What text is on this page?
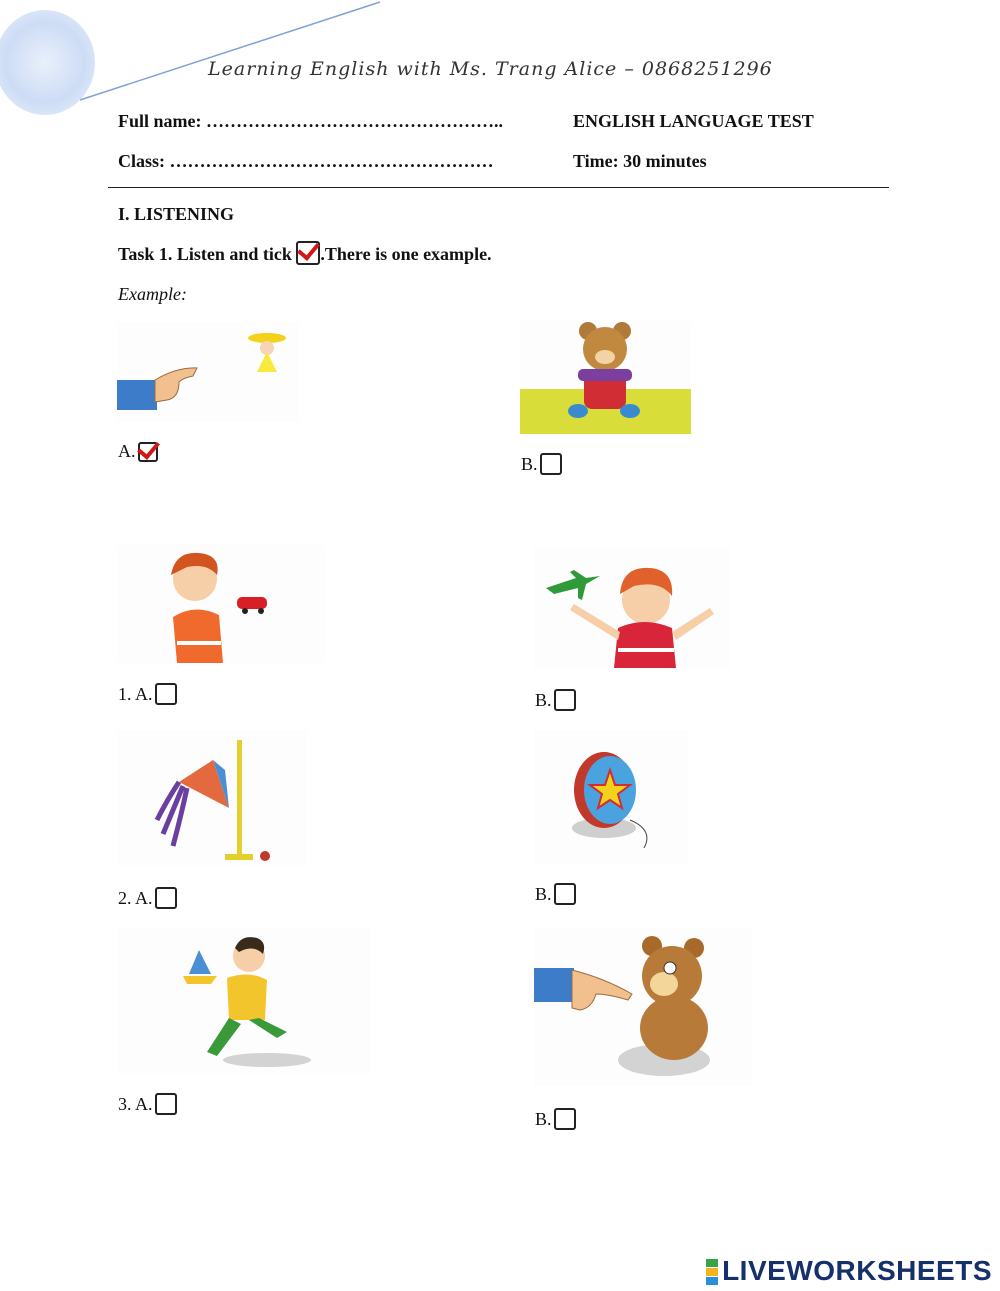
Learning English with Ms. Trang Alice – 0868251296
Full name: …………………………………………..
Class: ………………………………………………
ENGLISH LANGUAGE TEST
Time: 30 minutes
I. LISTENING
Task 1. Listen and tick
.There is one example.
Example:
A.
B.
1. A.	B.
2. A.	B.
3. A.
B.
LIVEWORKSHEETS
